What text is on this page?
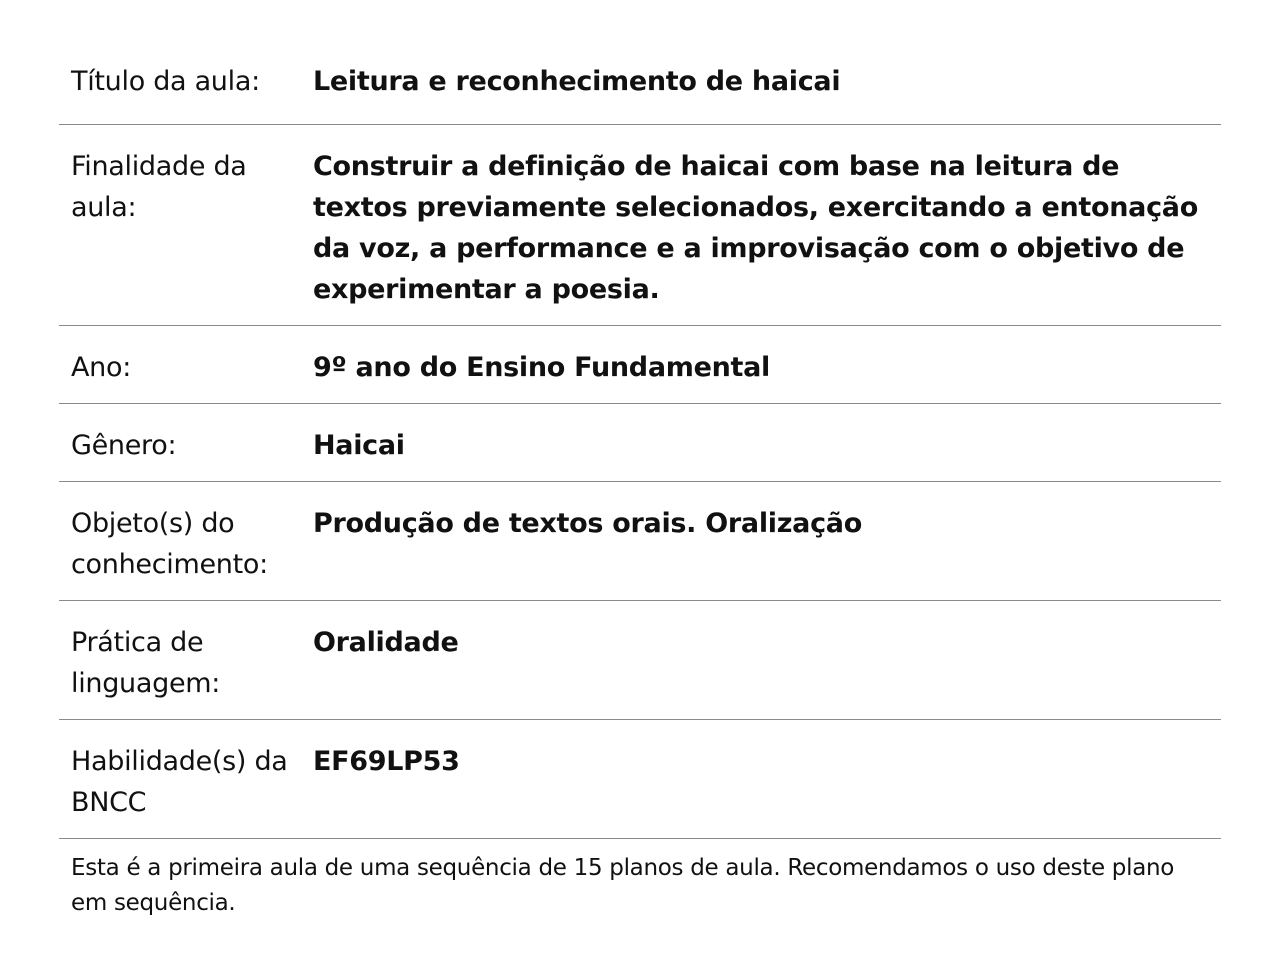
Título da aula:	Leitura e reconhecimento de haicai
Finalidade da aula:	Construir a definição de haicai com base na leitura de textos previamente selecionados, exercitando a entonação da voz, a performance e a improvisação com o objetivo de experimentar a poesia.
Ano:	9º ano do Ensino Fundamental
Gênero:	Haicai
Objeto(s) do conhecimento:	Produção de textos orais. Oralização
Prática de linguagem:	Oralidade
Habilidade(s) da BNCC	EF69LP53

Esta é a primeira aula de uma sequência de 15 planos de aula. Recomendamos o uso deste plano em sequência.
